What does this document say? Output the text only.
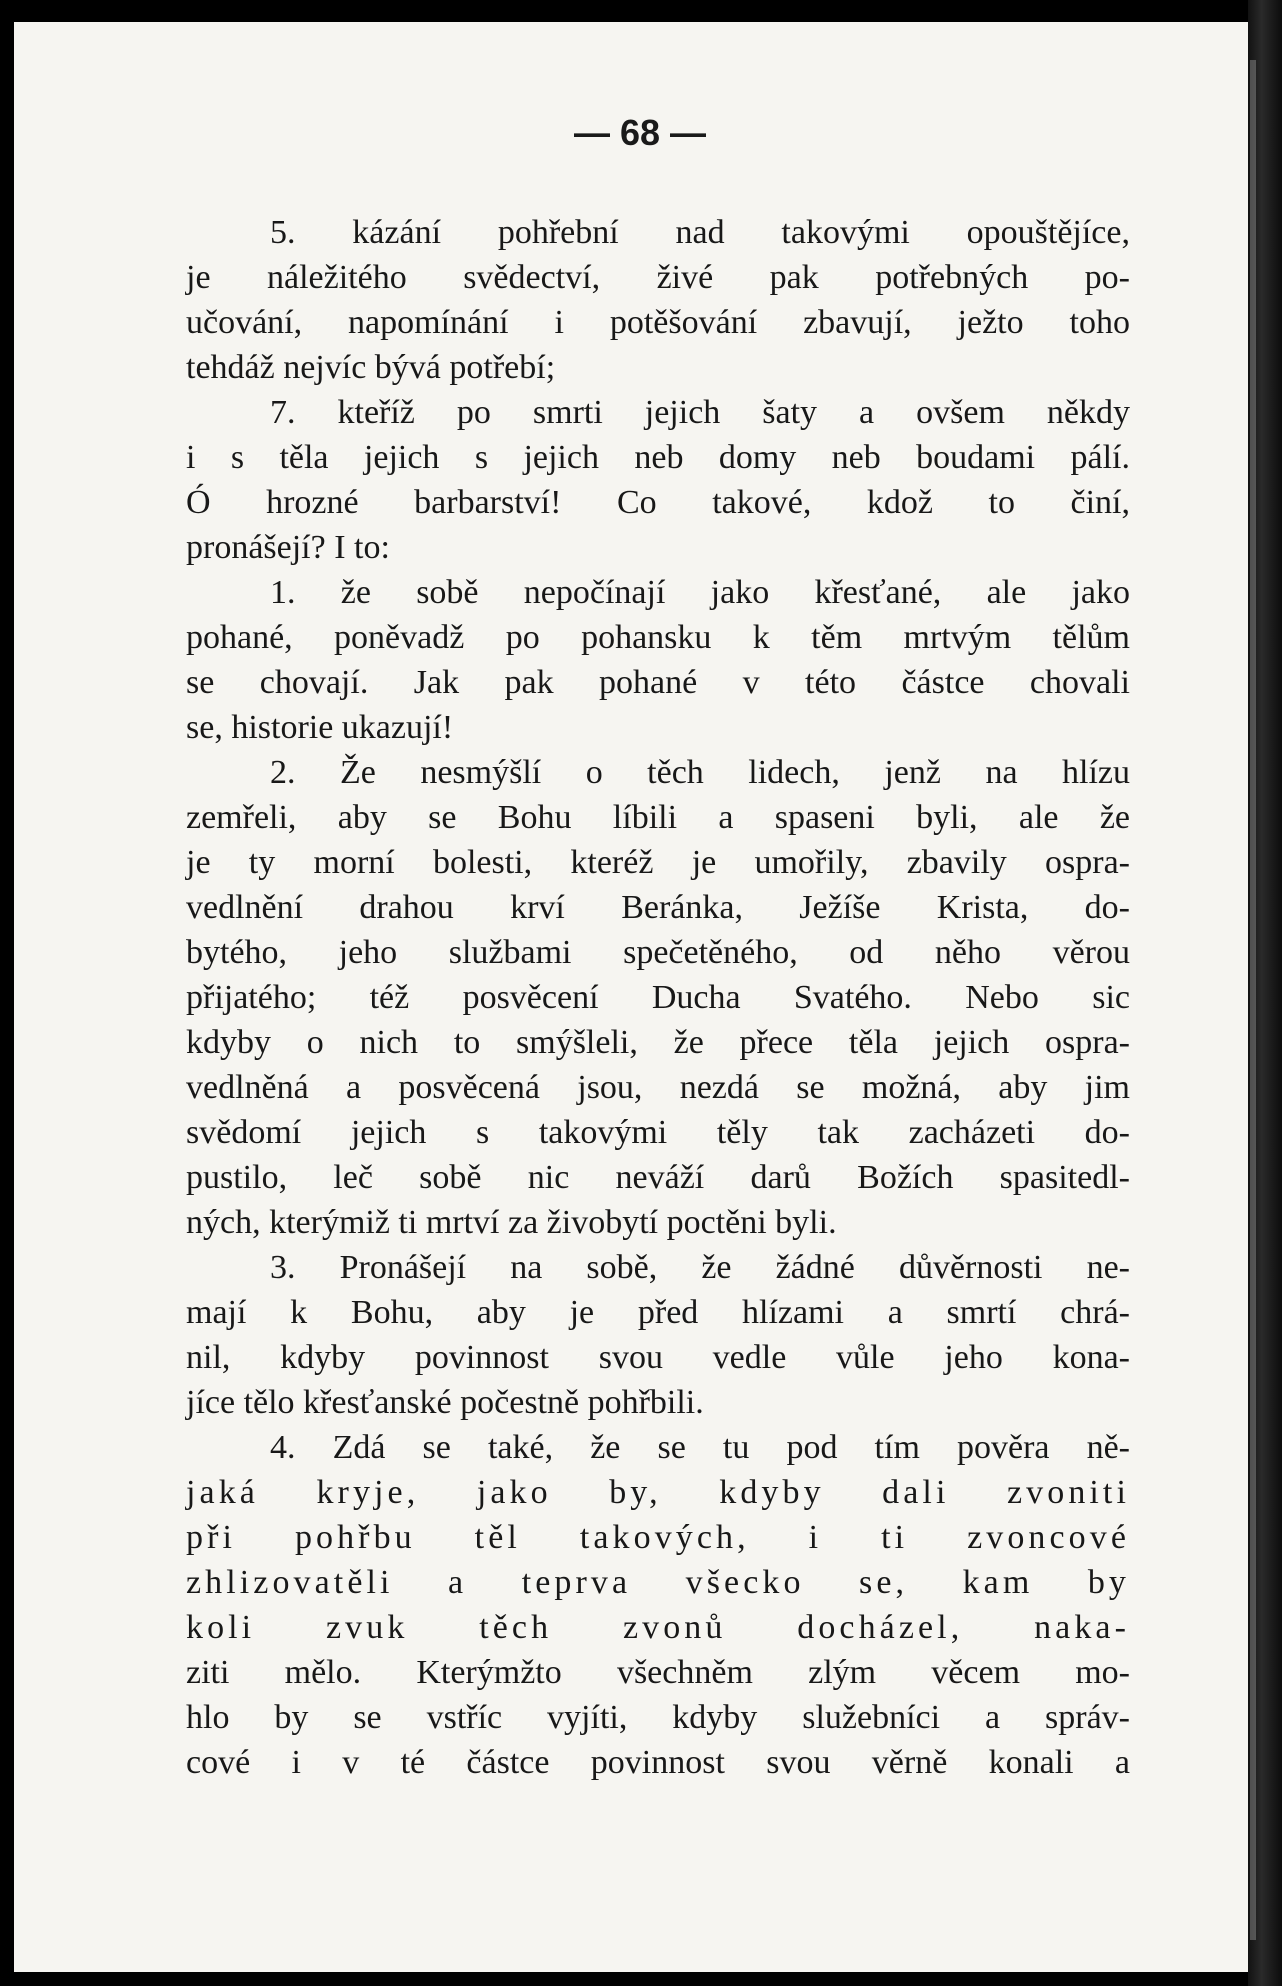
— 68 —
5. kázání pohřební nad takovými opouštějíce,
je náležitého svědectví, živé pak potřebných po-
učování, napomínání i potěšování zbavují, ježto toho
tehdáž nejvíc bývá potřebí;
7. kteříž po smrti jejich šaty a ovšem někdy
i s těla jejich s jejich neb domy neb boudami pálí.
Ó hrozné barbarství! Co takové, kdož to činí,
pronášejí? I to:
1. že sobě nepočínají jako křesťané, ale jako
pohané, poněvadž po pohansku k těm mrtvým tělům
se chovají. Jak pak pohané v této částce chovali
se, historie ukazují!
2. Že nesmýšlí o těch lidech, jenž na hlízu
zemřeli, aby se Bohu líbili a spaseni byli, ale že
je ty morní bolesti, kteréž je umořily, zbavily ospra-
vedlnění drahou krví Beránka, Ježíše Krista, do-
bytého, jeho službami spečetěného, od něho věrou
přijatého; též posvěcení Ducha Svatého. Nebo sic
kdyby o nich to smýšleli, že přece těla jejich ospra-
vedlněná a posvěcená jsou, nezdá se možná, aby jim
svědomí jejich s takovými těly tak zacházeti do-
pustilo, leč sobě nic neváží darů Božích spasitedl-
ných, kterýmiž ti mrtví za živobytí poctěni byli.
3. Pronášejí na sobě, že žádné důvěrnosti ne-
mají k Bohu, aby je před hlízami a smrtí chrá-
nil, kdyby povinnost svou vedle vůle jeho kona-
jíce tělo křesťanské počestně pohřbili.
4. Zdá se také, že se tu pod tím pověra ně-
jaká kryje, jako by, kdyby dali zvoniti
při pohřbu těl takových, i ti zvoncové
zhlizovatěli a teprva všecko se, kam by
koli zvuk těch zvonů docházel, naka-
ziti mělo. Kterýmžto všechněm zlým věcem mo-
hlo by se vstříc vyjíti, kdyby služebníci a správ-
cové i v té částce povinnost svou věrně konali a
